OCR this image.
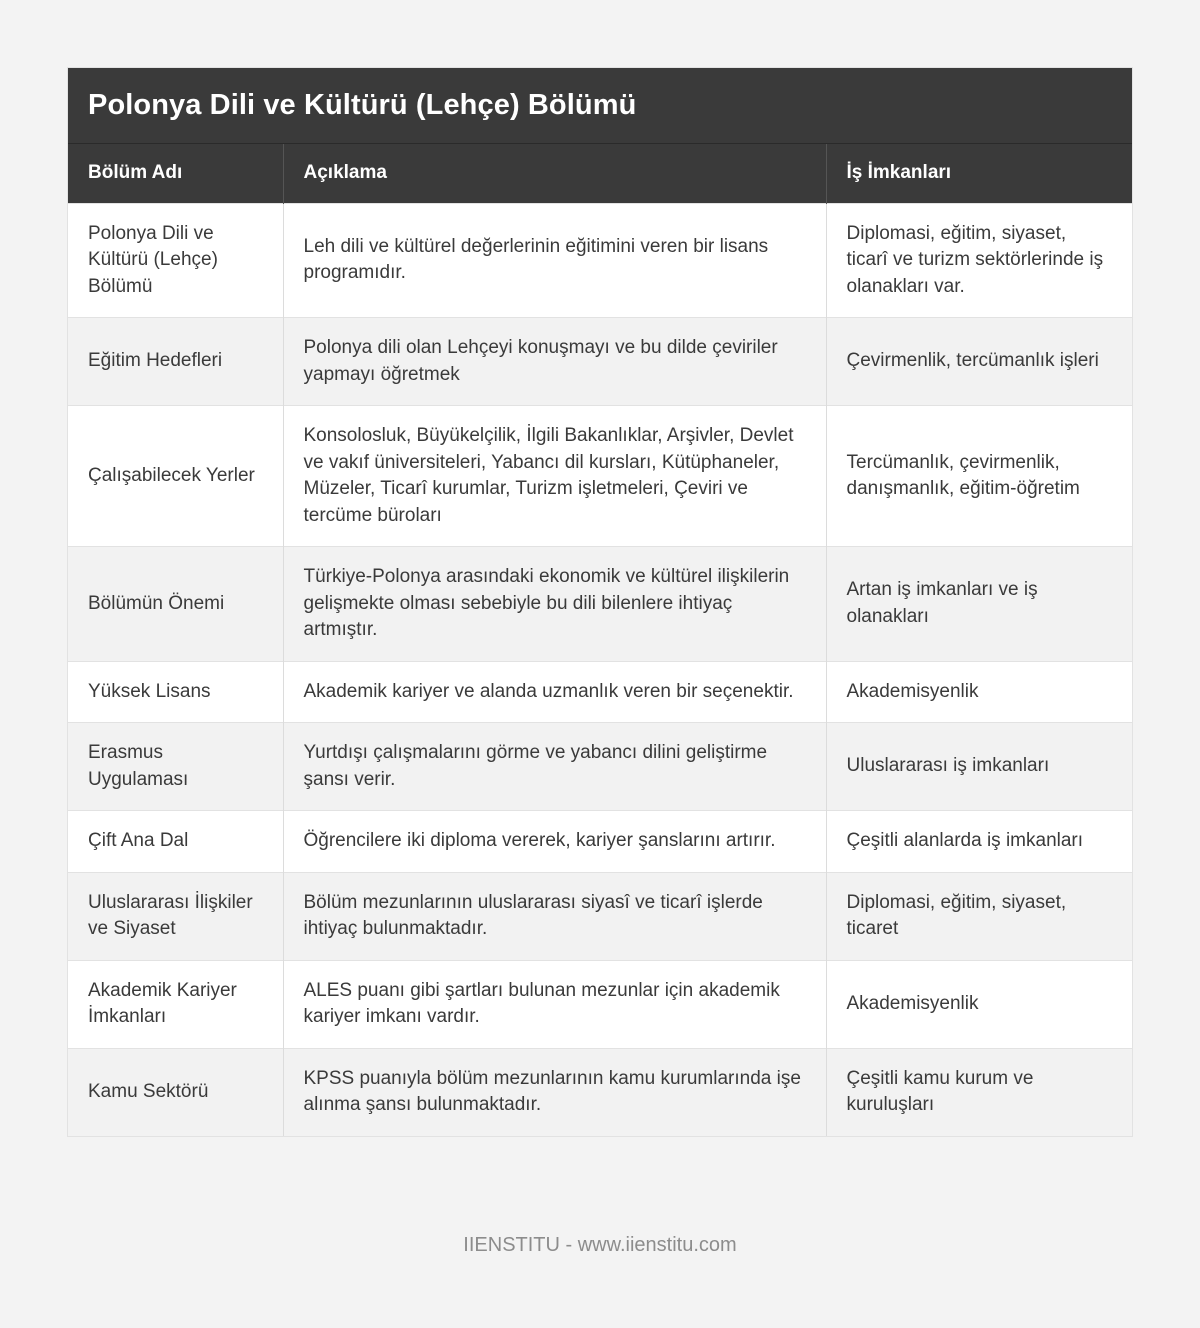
Polonya Dili ve Kültürü (Lehçe) Bölümü
Bölüm Adı	Açıklama	İş İmkanları
Polonya Dili ve Kültürü (Lehçe) Bölümü	Leh dili ve kültürel değerlerinin eğitimini veren bir lisans programıdır.	Diplomasi, eğitim, siyaset, ticarî ve turizm sektörlerinde iş olanakları var.
Eğitim Hedefleri	Polonya dili olan Lehçeyi konuşmayı ve bu dilde çeviriler yapmayı öğretmek	Çevirmenlik, tercümanlık işleri
Çalışabilecek Yerler	Konsolosluk, Büyükelçilik, İlgili Bakanlıklar, Arşivler, Devlet ve vakıf üniversiteleri, Yabancı dil kursları, Kütüphaneler, Müzeler, Ticarî kurumlar, Turizm işletmeleri, Çeviri ve tercüme büroları	Tercümanlık, çevirmenlik, danışmanlık, eğitim-öğretim
Bölümün Önemi	Türkiye-Polonya arasındaki ekonomik ve kültürel ilişkilerin gelişmekte olması sebebiyle bu dili bilenlere ihtiyaç artmıştır.	Artan iş imkanları ve iş olanakları
Yüksek Lisans	Akademik kariyer ve alanda uzmanlık veren bir seçenektir.	Akademisyenlik
Erasmus Uygulaması	Yurtdışı çalışmalarını görme ve yabancı dilini geliştirme şansı verir.	Uluslararası iş imkanları
Çift Ana Dal	Öğrencilere iki diploma vererek, kariyer şanslarını artırır.	Çeşitli alanlarda iş imkanları
Uluslararası İlişkiler ve Siyaset	Bölüm mezunlarının uluslararası siyasî ve ticarî işlerde ihtiyaç bulunmaktadır.	Diplomasi, eğitim, siyaset, ticaret
Akademik Kariyer İmkanları	ALES puanı gibi şartları bulunan mezunlar için akademik kariyer imkanı vardır.	Akademisyenlik
Kamu Sektörü	KPSS puanıyla bölüm mezunlarının kamu kurumlarında işe alınma şansı bulunmaktadır.	Çeşitli kamu kurum ve kuruluşları
IIENSTITU - www.iienstitu.com
